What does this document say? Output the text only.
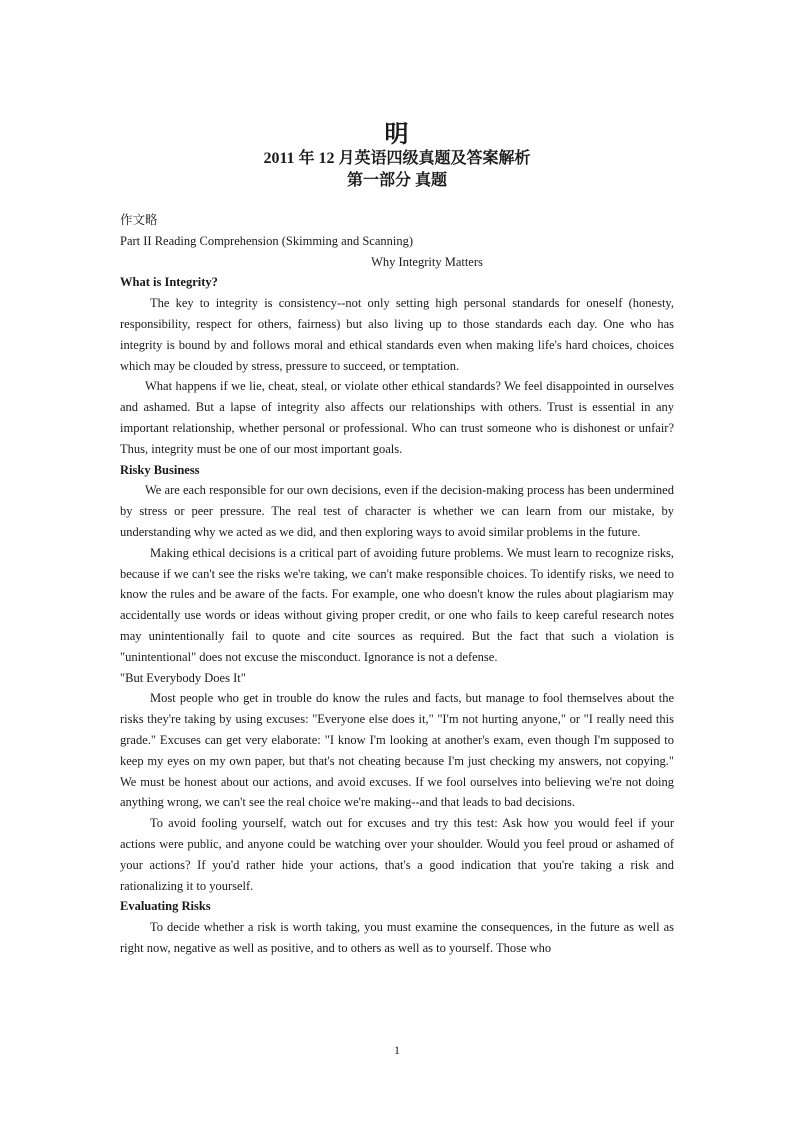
明
2011 年 12 月英语四级真题及答案解析
第一部分 真题
作文略
Part II Reading Comprehension (Skimming and Scanning)
Why Integrity Matters
What is Integrity?

The key to integrity is consistency--not only setting high personal standards for oneself (honesty, responsibility, respect for others, fairness) but also living up to those standards each day. One who has integrity is bound by and follows moral and ethical standards even when making life's hard choices, choices which may be clouded by stress, pressure to succeed, or temptation.

What happens if we lie, cheat, steal, or violate other ethical standards? We feel disappointed in ourselves and ashamed. But a lapse of integrity also affects our relationships with others. Trust is essential in any important relationship, whether personal or professional. Who can trust someone who is dishonest or unfair? Thus, integrity must be one of our most important goals.

Risky Business

We are each responsible for our own decisions, even if the decision-making process has been undermined by stress or peer pressure. The real test of character is whether we can learn from our mistake, by understanding why we acted as we did, and then exploring ways to avoid similar problems in the future.

Making ethical decisions is a critical part of avoiding future problems. We must learn to recognize risks, because if we can't see the risks we're taking, we can't make responsible choices. To identify risks, we need to know the rules and be aware of the facts. For example, one who doesn't know the rules about plagiarism may accidentally use words or ideas without giving proper credit, or one who fails to keep careful research notes may unintentionally fail to quote and cite sources as required. But the fact that such a violation is "unintentional" does not excuse the misconduct. Ignorance is not a defense.

"But Everybody Does It"

Most people who get in trouble do know the rules and facts, but manage to fool themselves about the risks they're taking by using excuses: "Everyone else does it," "I'm not hurting anyone," or "I really need this grade." Excuses can get very elaborate: "I know I'm looking at another's exam, even though I'm supposed to keep my eyes on my own paper, but that's not cheating because I'm just checking my answers, not copying." We must be honest about our actions, and avoid excuses. If we fool ourselves into believing we're not doing anything wrong, we can't see the real choice we're making--and that leads to bad decisions.

To avoid fooling yourself, watch out for excuses and try this test: Ask how you would feel if your actions were public, and anyone could be watching over your shoulder. Would you feel proud or ashamed of your actions? If you'd rather hide your actions, that's a good indication that you're taking a risk and rationalizing it to yourself.

Evaluating Risks

To decide whether a risk is worth taking, you must examine the consequences, in the future as well as right now, negative as well as positive, and to others as well as to yourself. Those who

1
